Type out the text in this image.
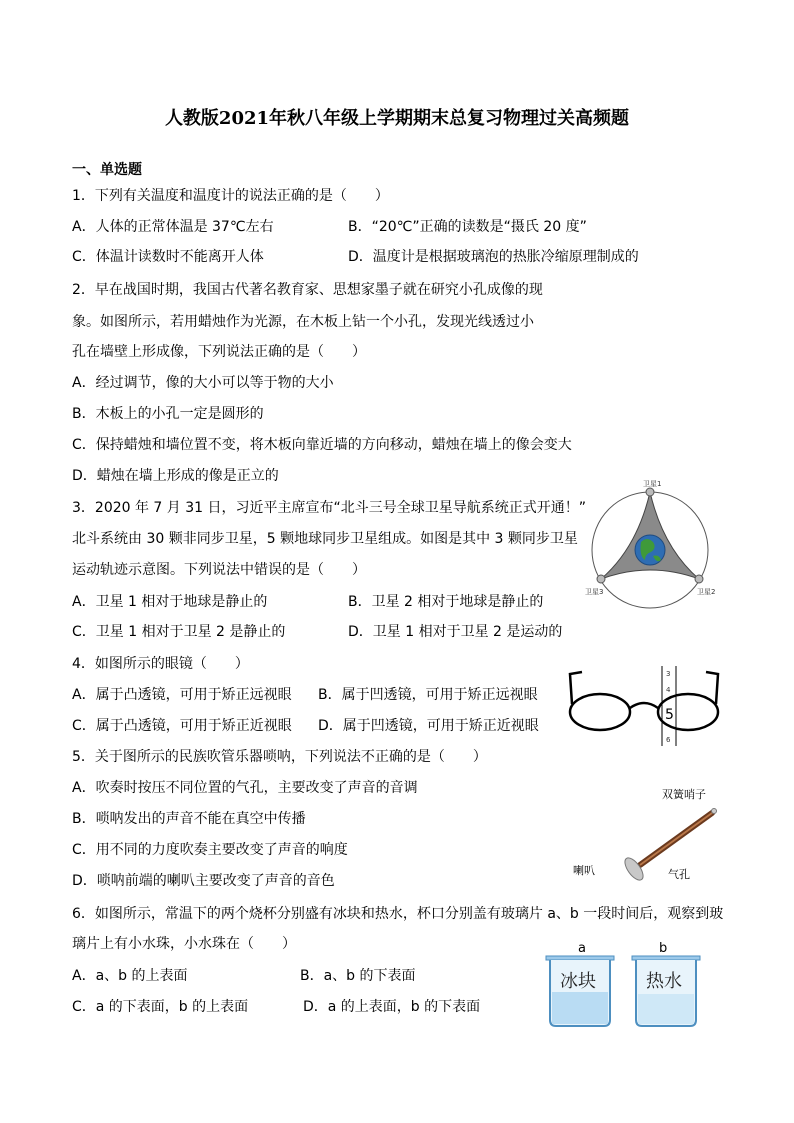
人教版2021年秋八年级上学期期末总复习物理过关高频题
一、单选题
1．下列有关温度和温度计的说法正确的是（　　）
A．人体的正常体温是 37℃左右	B．“20℃”正确的读数是“摄氏 20 度”
C．体温计读数时不能离开人体	D．温度计是根据玻璃泡的热胀冷缩原理制成的
2．早在战国时期，我国古代著名教育家、思想家墨子就在研究小孔成像的现
象。如图所示，若用蜡烛作为光源，在木板上钻一个小孔，发现光线透过小
孔在墙壁上形成像，下列说法正确的是（　　）
A．经过调节，像的大小可以等于物的大小
B．木板上的小孔一定是圆形的
C．保持蜡烛和墙位置不变，将木板向靠近墙的方向移动，蜡烛在墙上的像会变大
D．蜡烛在墙上形成的像是正立的
3．2020 年 7 月 31 日，习近平主席宣布“北斗三号全球卫星导航系统正式开通！”
北斗系统由 30 颗非同步卫星，5 颗地球同步卫星组成。如图是其中 3 颗同步卫星
运动轨迹示意图。下列说法中错误的是（　　）
A．卫星 1 相对于地球是静止的	B．卫星 2 相对于地球是静止的
C．卫星 1 相对于卫星 2 是静止的	D．卫星 1 相对于卫星 2 是运动的
卫星1
卫星2
卫星3
4．如图所示的眼镜（　　）
A．属于凸透镜，可用于矫正远视眼 B．属于凹透镜，可用于矫正远视眼
C．属于凸透镜，可用于矫正近视眼 D．属于凹透镜，可用于矫正近视眼
3
4
5
6
5．关于图所示的民族吹管乐器唢呐，下列说法不正确的是（　　）
A．吹奏时按压不同位置的气孔，主要改变了声音的音调
B．唢呐发出的声音不能在真空中传播
C．用不同的力度吹奏主要改变了声音的响度
D．唢呐前端的喇叭主要改变了声音的音色
双簧哨子
喇叭	气孔
6．如图所示，常温下的两个烧杯分别盛有冰块和热水，杯口分别盖有玻璃片 a、b 一段时间后，观察到玻
璃片上有小水珠，小水珠在（　　）
A．a、b 的上表面	B．a、b 的下表面
C．a 的下表面，b 的上表面	D．a 的上表面，b 的下表面
a	b
冰块	热水
